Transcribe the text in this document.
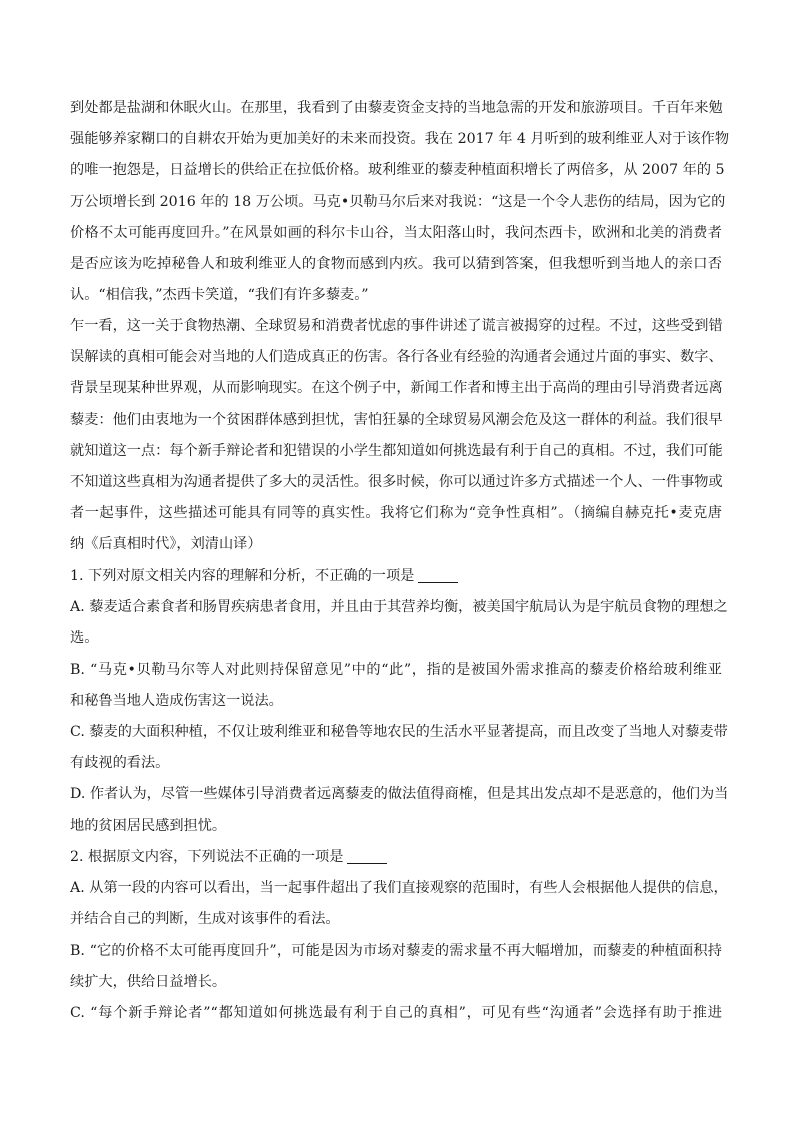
到处都是盐湖和休眠火山。在那里，我看到了由藜麦资金支持的当地急需的开发和旅游项目。千百年来勉
强能够养家糊口的自耕农开始为更加美好的未来而投资。我在 2017 年 4 月听到的玻利维亚人对于该作物
的唯一抱怨是，日益增长的供给正在拉低价格。玻利维亚的藜麦种植面积增长了两倍多，从 2007 年的 5
万公顷增长到 2016 年的 18 万公顷。马克•贝勒马尔后来对我说：“这是一个令人悲伤的结局，因为它的
价格不太可能再度回升。”在风景如画的科尔卡山谷，当太阳落山时，我问杰西卡，欧洲和北美的消费者
是否应该为吃掉秘鲁人和玻利维亚人的食物而感到内疚。我可以猜到答案，但我想听到当地人的亲口否
认。“相信我，”杰西卡笑道，“我们有许多藜麦。”
乍一看，这一关于食物热潮、全球贸易和消费者忧虑的事件讲述了谎言被揭穿的过程。不过，这些受到错
误解读的真相可能会对当地的人们造成真正的伤害。各行各业有经验的沟通者会通过片面的事实、数字、
背景呈现某种世界观，从而影响现实。在这个例子中，新闻工作者和博主出于高尚的理由引导消费者远离
藜麦：他们由衷地为一个贫困群体感到担忧，害怕狂暴的全球贸易风潮会危及这一群体的利益。我们很早
就知道这一点：每个新手辩论者和犯错误的小学生都知道如何挑选最有利于自己的真相。不过，我们可能
不知道这些真相为沟通者提供了多大的灵活性。很多时候，你可以通过许多方式描述一个人、一件事物或
者一起事件，这些描述可能具有同等的真实性。我将它们称为“竞争性真相”。（摘编自赫克托•麦克唐
纳《后真相时代》，刘清山译）
1. 下列对原文相关内容的理解和分析，不正确的一项是
A. 藜麦适合素食者和肠胃疾病患者食用，并且由于其营养均衡，被美国宇航局认为是宇航员食物的理想之
选。
B. “马克•贝勒马尔等人对此则持保留意见”中的“此”，指的是被国外需求推高的藜麦价格给玻利维亚
和秘鲁当地人造成伤害这一说法。
C. 藜麦的大面积种植，不仅让玻利维亚和秘鲁等地农民的生活水平显著提高，而且改变了当地人对藜麦带
有歧视的看法。
D. 作者认为，尽管一些媒体引导消费者远离藜麦的做法值得商榷，但是其出发点却不是恶意的，他们为当
地的贫困居民感到担忧。
2. 根据原文内容，下列说法不正确的一项是
A. 从第一段的内容可以看出，当一起事件超出了我们直接观察的范围时，有些人会根据他人提供的信息，
并结合自己的判断，生成对该事件的看法。
B. “它的价格不太可能再度回升”，可能是因为市场对藜麦的需求量不再大幅增加，而藜麦的种植面积持
续扩大，供给日益增长。
C. “每个新手辩论者”“都知道如何挑选最有利于自己的真相”，可见有些“沟通者”会选择有助于推进
